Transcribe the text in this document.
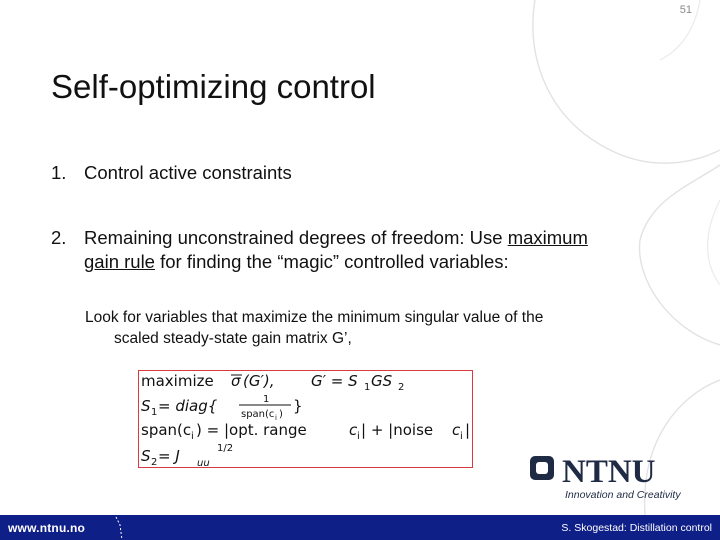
51
Self-optimizing control
1. Control active constraints
2. Remaining unconstrained degrees of freedom: Use maximum gain rule for finding the “magic” controlled variables:
Look for variables that maximize the minimum singular value of the
scaled steady-state gain matrix G’,
maximize σ (G′), G′ = S 1 GS 2
S 1 = diag{	1
span(c i ) }
span(c i ) = |opt. range	c i | + |noise c i |
S 2 = J uu
1/2
NTNU
Innovation and Creativity
www.ntnu.no	S. Skogestad: Distillation control
